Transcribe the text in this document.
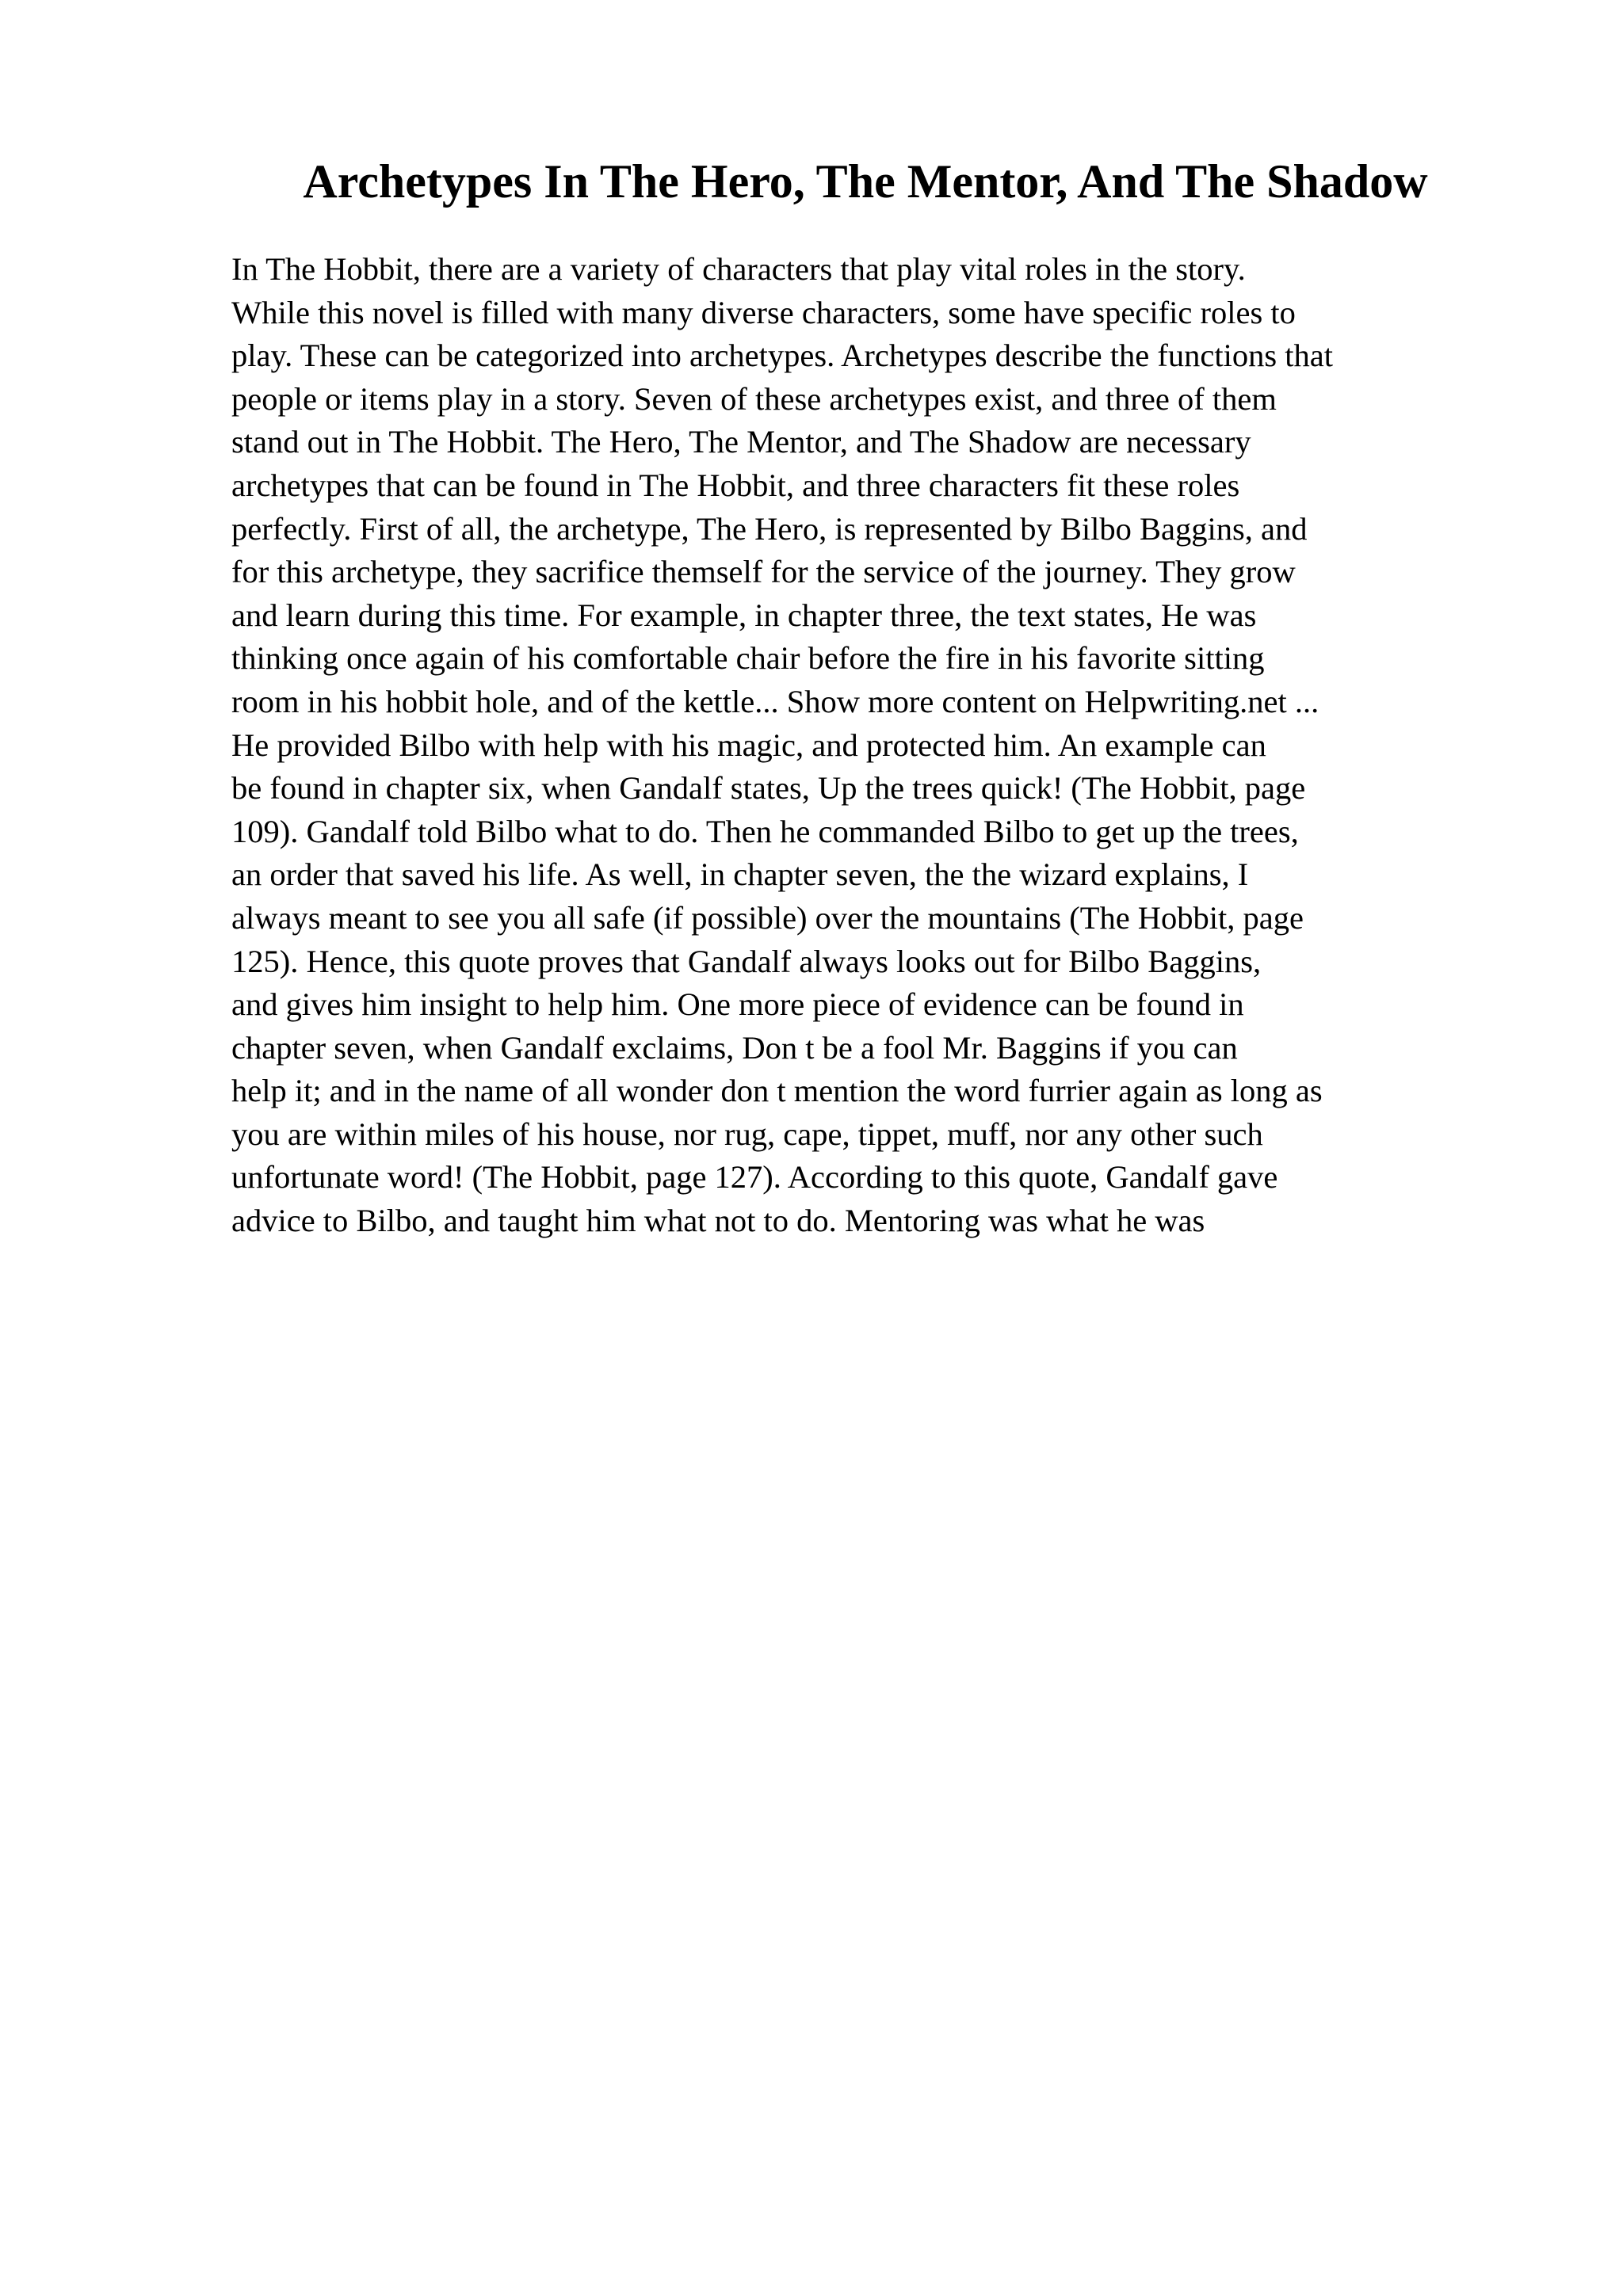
Archetypes In The Hero, The Mentor, And The Shadow
In The Hobbit, there are a variety of characters that play vital roles in the story.
While this novel is filled with many diverse characters, some have specific roles to
play. These can be categorized into archetypes. Archetypes describe the functions that
people or items play in a story. Seven of these archetypes exist, and three of them
stand out in The Hobbit. The Hero, The Mentor, and The Shadow are necessary
archetypes that can be found in The Hobbit, and three characters fit these roles
perfectly. First of all, the archetype, The Hero, is represented by Bilbo Baggins, and
for this archetype, they sacrifice themself for the service of the journey. They grow
and learn during this time. For example, in chapter three, the text states, He was
thinking once again of his comfortable chair before the fire in his favorite sitting
room in his hobbit hole, and of the kettle... Show more content on Helpwriting.net ...
He provided Bilbo with help with his magic, and protected him. An example can
be found in chapter six, when Gandalf states, Up the trees quick! (The Hobbit, page
109). Gandalf told Bilbo what to do. Then he commanded Bilbo to get up the trees,
an order that saved his life. As well, in chapter seven, the the wizard explains, I
always meant to see you all safe (if possible) over the mountains (The Hobbit, page
125). Hence, this quote proves that Gandalf always looks out for Bilbo Baggins,
and gives him insight to help him. One more piece of evidence can be found in
chapter seven, when Gandalf exclaims, Don t be a fool Mr. Baggins if you can
help it; and in the name of all wonder don t mention the word furrier again as long as
you are within miles of his house, nor rug, cape, tippet, muff, nor any other such
unfortunate word! (The Hobbit, page 127). According to this quote, Gandalf gave
advice to Bilbo, and taught him what not to do. Mentoring was what he was
